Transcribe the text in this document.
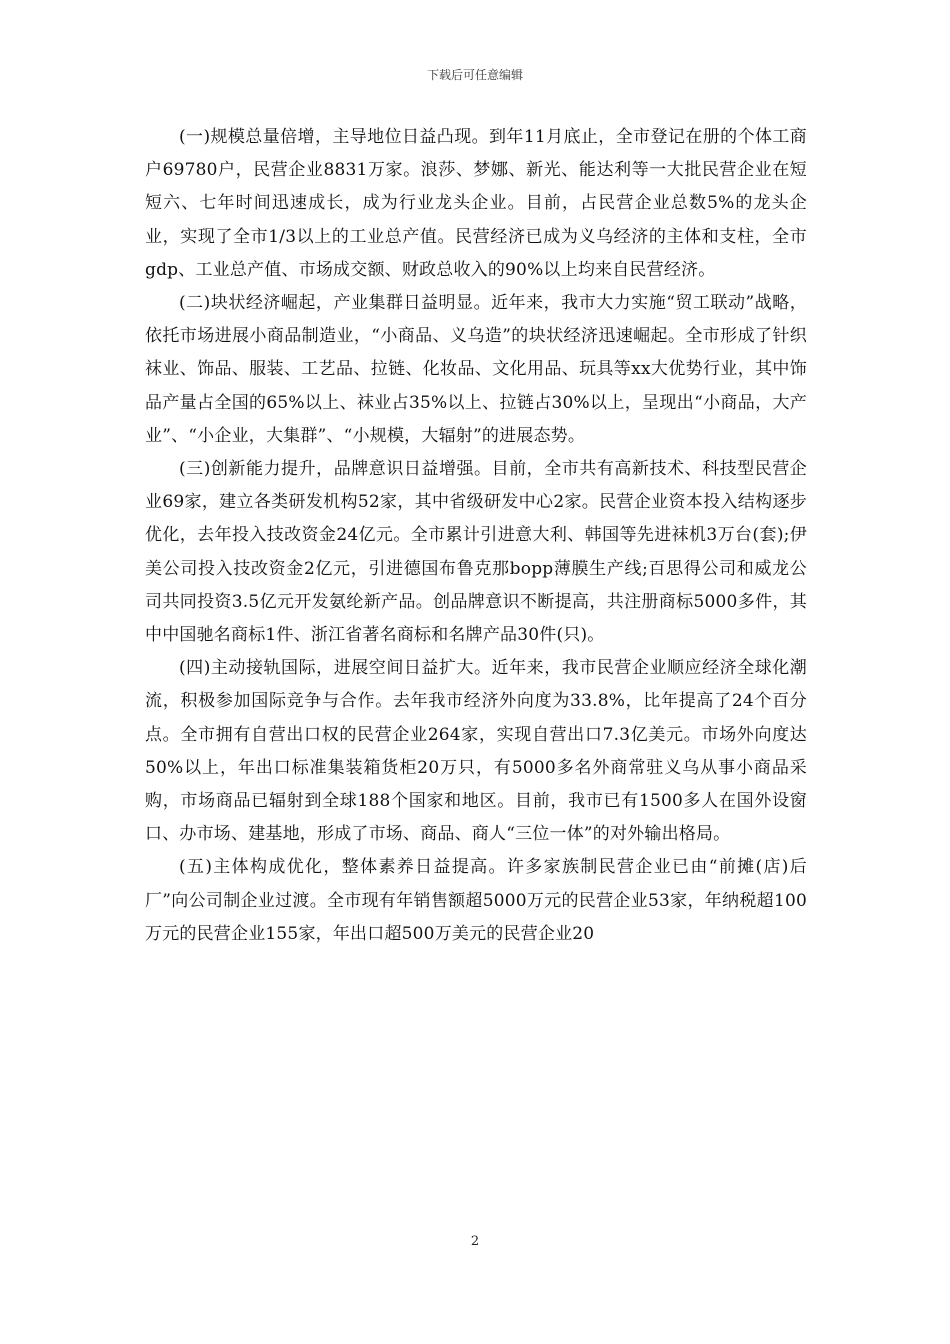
下载后可任意编辑

(一)规模总量倍增，主导地位日益凸现。到年11月底止，全市登记在册的个体工商户69780户，民营企业8831万家。浪莎、梦娜、新光、能达利等一大批民营企业在短短六、七年时间迅速成长，成为行业龙头企业。目前，占民营企业总数5%的龙头企业，实现了全市1/3以上的工业总产值。民营经济已成为义乌经济的主体和支柱，全市gdp、工业总产值、市场成交额、财政总收入的90%以上均来自民营经济。

(二)块状经济崛起，产业集群日益明显。近年来，我市大力实施“贸工联动”战略，依托市场进展小商品制造业，“小商品、义乌造”的块状经济迅速崛起。全市形成了针织袜业、饰品、服装、工艺品、拉链、化妆品、文化用品、玩具等xx大优势行业，其中饰品产量占全国的65%以上、袜业占35%以上、拉链占30%以上，呈现出“小商品，大产业”、“小企业，大集群”、“小规模，大辐射”的进展态势。

(三)创新能力提升，品牌意识日益增强。目前，全市共有高新技术、科技型民营企业69家，建立各类研发机构52家，其中省级研发中心2家。民营企业资本投入结构逐步优化，去年投入技改资金24亿元。全市累计引进意大利、韩国等先进袜机3万台(套);伊美公司投入技改资金2亿元，引进德国布鲁克那bopp薄膜生产线;百思得公司和威龙公司共同投资3.5亿元开发氨纶新产品。创品牌意识不断提高，共注册商标5000多件，其中中国驰名商标1件、浙江省著名商标和名牌产品30件(只)。

(四)主动接轨国际，进展空间日益扩大。近年来，我市民营企业顺应经济全球化潮流，积极参加国际竞争与合作。去年我市经济外向度为33.8%，比年提高了24个百分点。全市拥有自营出口权的民营企业264家，实现自营出口7.3亿美元。市场外向度达50%以上，年出口标准集装箱货柜20万只，有5000多名外商常驻义乌从事小商品采购，市场商品已辐射到全球188个国家和地区。目前，我市已有1500多人在国外设窗口、办市场、建基地，形成了市场、商品、商人“三位一体”的对外输出格局。

(五)主体构成优化，整体素养日益提高。许多家族制民营企业已由“前摊(店)后厂”向公司制企业过渡。全市现有年销售额超5000万元的民营企业53家，年纳税超100万元的民营企业155家，年出口超500万美元的民营企业20

2
